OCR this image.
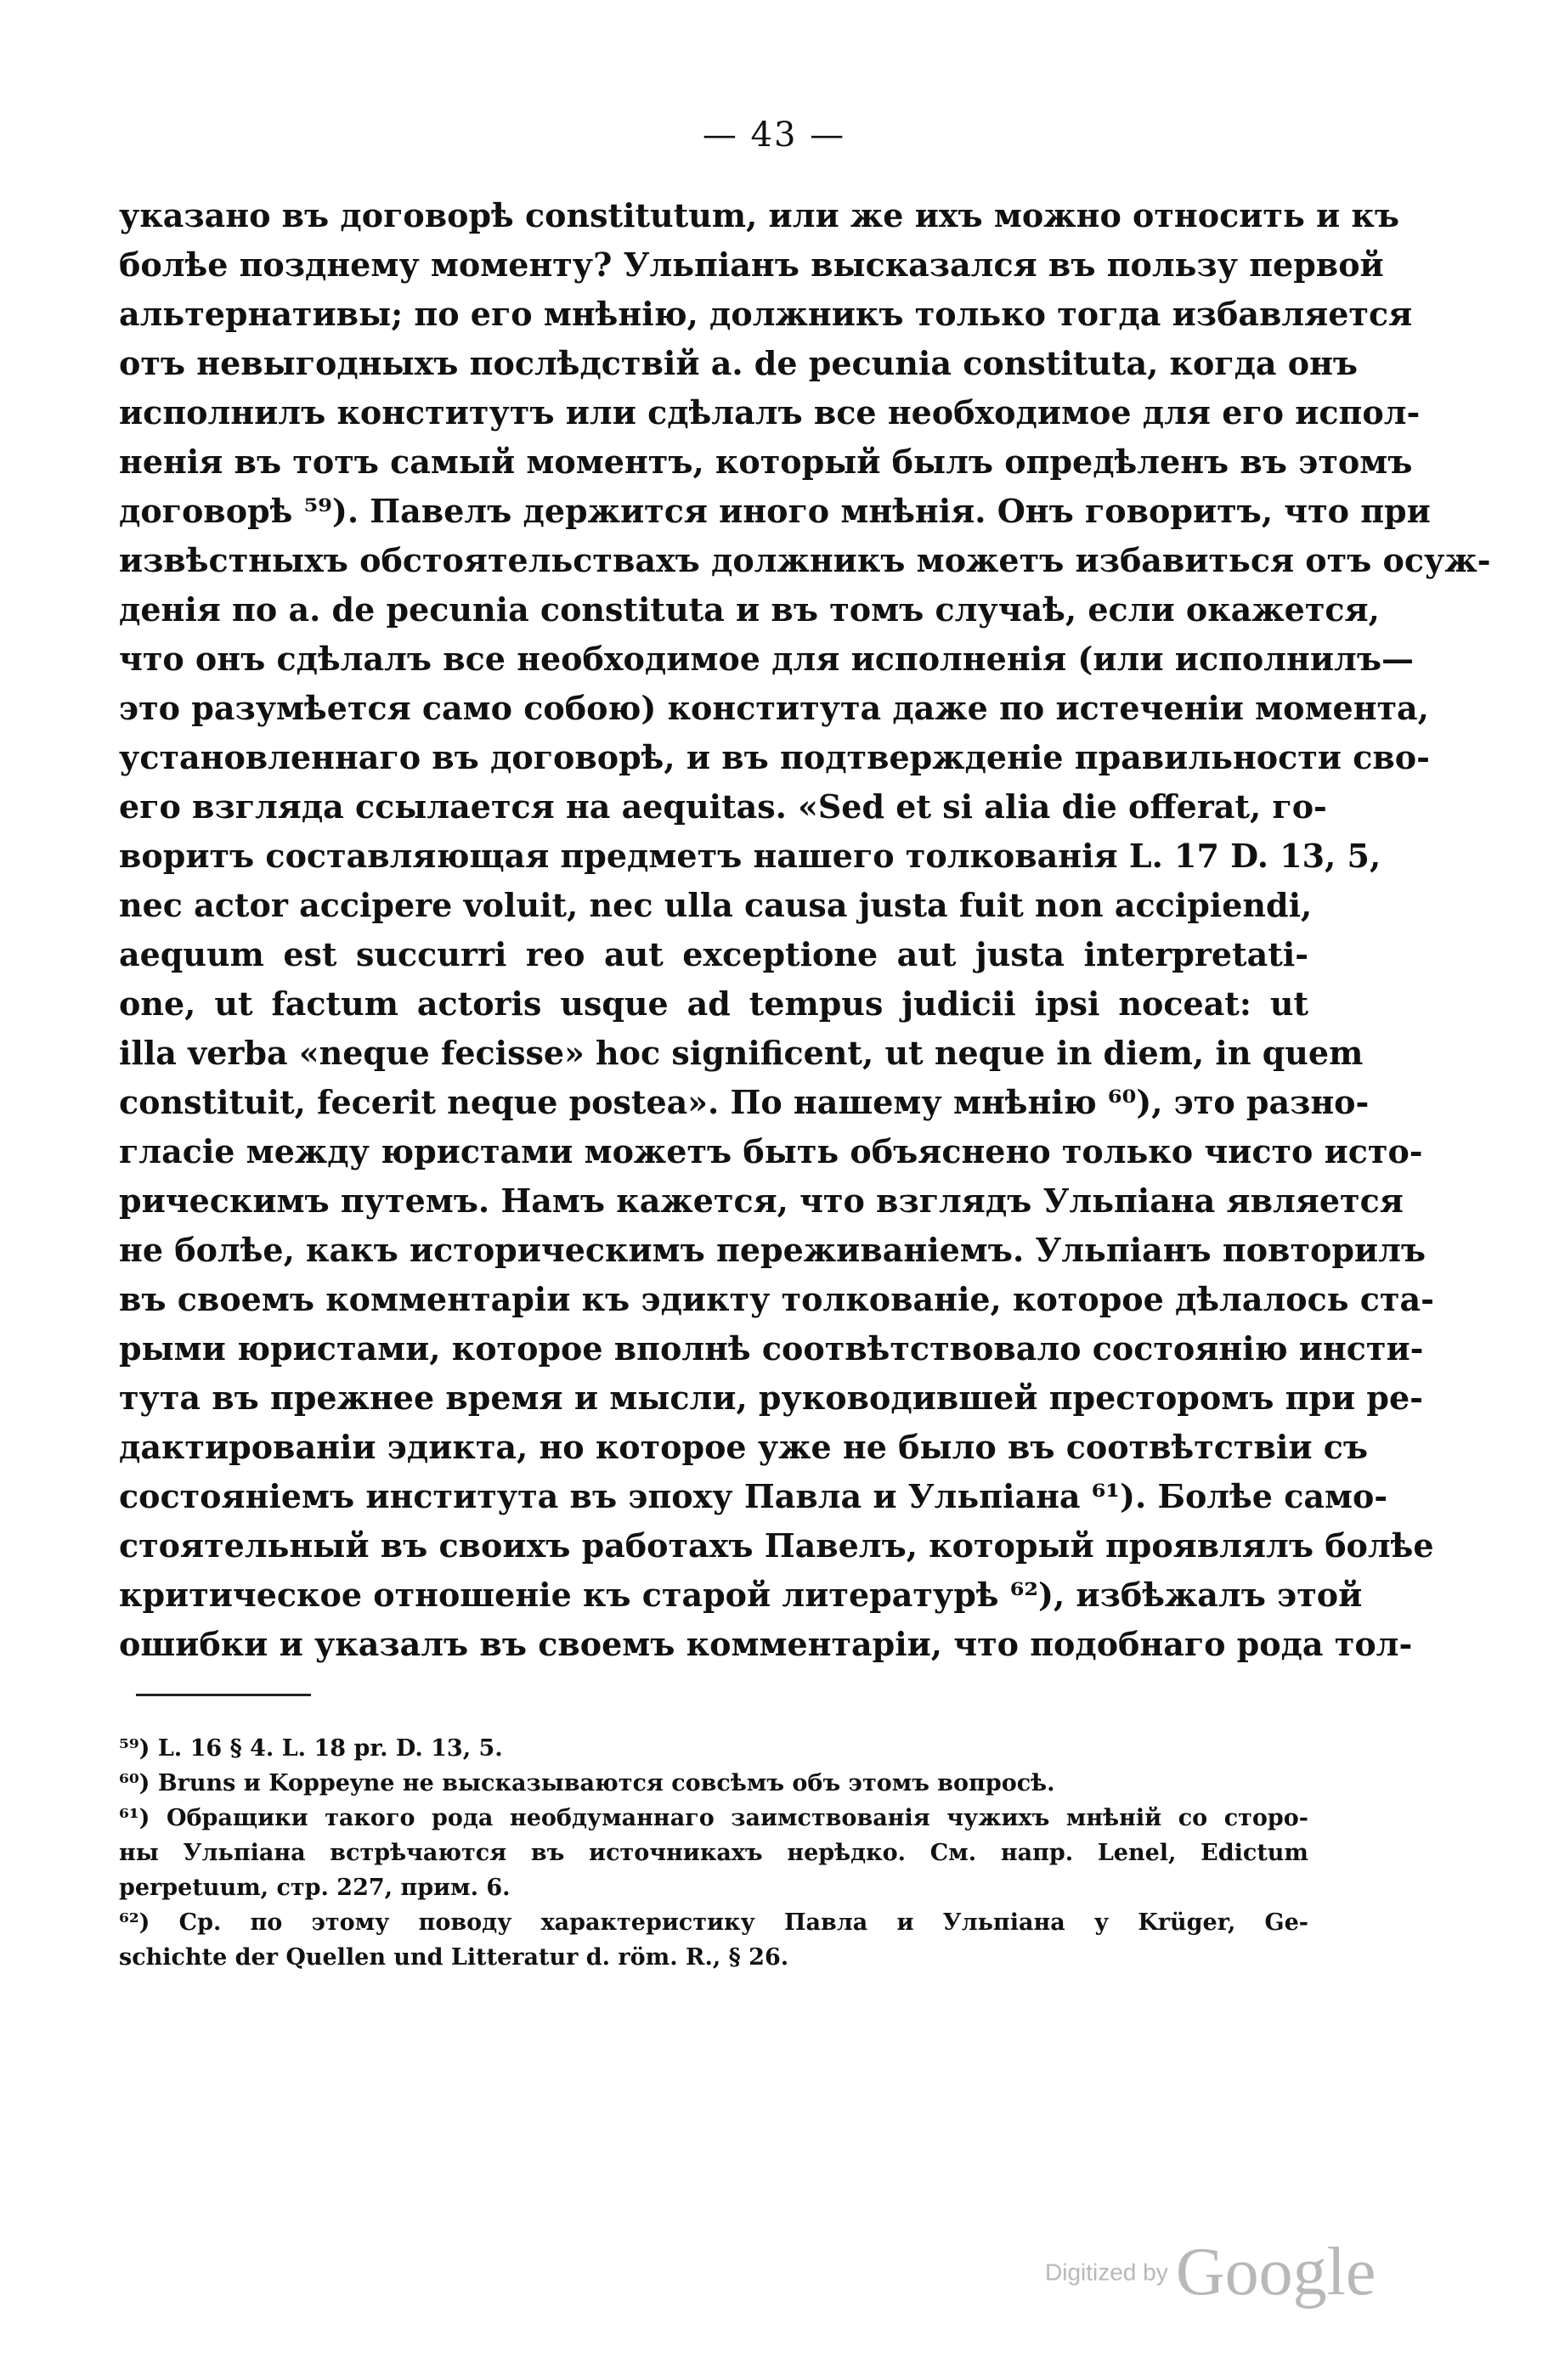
— 43 —
указано въ договорѣ constitutum, или же ихъ можно относить и къ
болѣе позднему моменту? Ульпіанъ высказался въ пользу первой
альтернативы; по его мнѣнію, должникъ только тогда избавляется
отъ невыгодныхъ послѣдствій a. de pecunia constituta, когда онъ
исполнилъ конститутъ или сдѣлалъ все необходимое для его испол-
ненія въ тотъ самый моментъ, который былъ опредѣленъ въ этомъ
договорѣ ⁵⁹). Павелъ держится иного мнѣнія. Онъ говоритъ, что при
извѣстныхъ обстоятельствахъ должникъ можетъ избавиться отъ осуж-
денія по a. de pecunia constituta и въ томъ случаѣ, если окажется,
что онъ сдѣлалъ все необходимое для исполненія (или исполнилъ—
это разумѣется само собою) конститута даже по истеченіи момента,
установленнаго въ договорѣ, и въ подтвержденіе правильности сво-
его взгляда ссылается на aequitas. «Sed et si alia die offerat, го-
воритъ составляющая предметъ нашего толкованія L. 17 D. 13, 5,
nec actor accipere voluit, nec ulla causa justa fuit non accipiendi,
aequum est succurri reo aut exceptione aut justa interpretati-
one, ut factum actoris usque ad tempus judicii ipsi noceat: ut
illa verba «neque fecisse» hoc significent, ut neque in diem, in quem
constituit, fecerit neque postea». По нашему мнѣнію ⁶⁰), это разно-
гласіе между юристами можетъ быть объяснено только чисто исто-
рическимъ путемъ. Намъ кажется, что взглядъ Ульпіана является
не болѣе, какъ историческимъ переживаніемъ. Ульпіанъ повторилъ
въ своемъ комментаріи къ эдикту толкованіе, которое дѣлалось ста-
рыми юристами, которое вполнѣ соотвѣтствовало состоянію инсти-
тута въ прежнее время и мысли, руководившей престоромъ при ре-
дактированіи эдикта, но которое уже не было въ соотвѣтствіи съ
состояніемъ института въ эпоху Павла и Ульпіана ⁶¹). Болѣе само-
стоятельный въ своихъ работахъ Павелъ, который проявлялъ болѣе
критическое отношеніе къ старой литературѣ ⁶²), избѣжалъ этой
ошибки и указалъ въ своемъ комментаріи, что подобнаго рода тол-
⁵⁹) L. 16 § 4. L. 18 pr. D. 13, 5.
⁶⁰) Bruns и Koppeyne не высказываются совсѣмъ объ этомъ вопросѣ.
⁶¹) Обращики такого рода необдуманнаго заимствованія чужихъ мнѣній со сторо-
ны Ульпіана встрѣчаются въ источникахъ нерѣдко. См. напр. Lenel, Edictum
perpetuum, стр. 227, прим. 6.
⁶²) Ср. по этому поводу характеристику Павла и Ульпіана у Krüger, Ge-
schichte der Quellen und Litteratur d. röm. R., § 26.
Digitized by Google
